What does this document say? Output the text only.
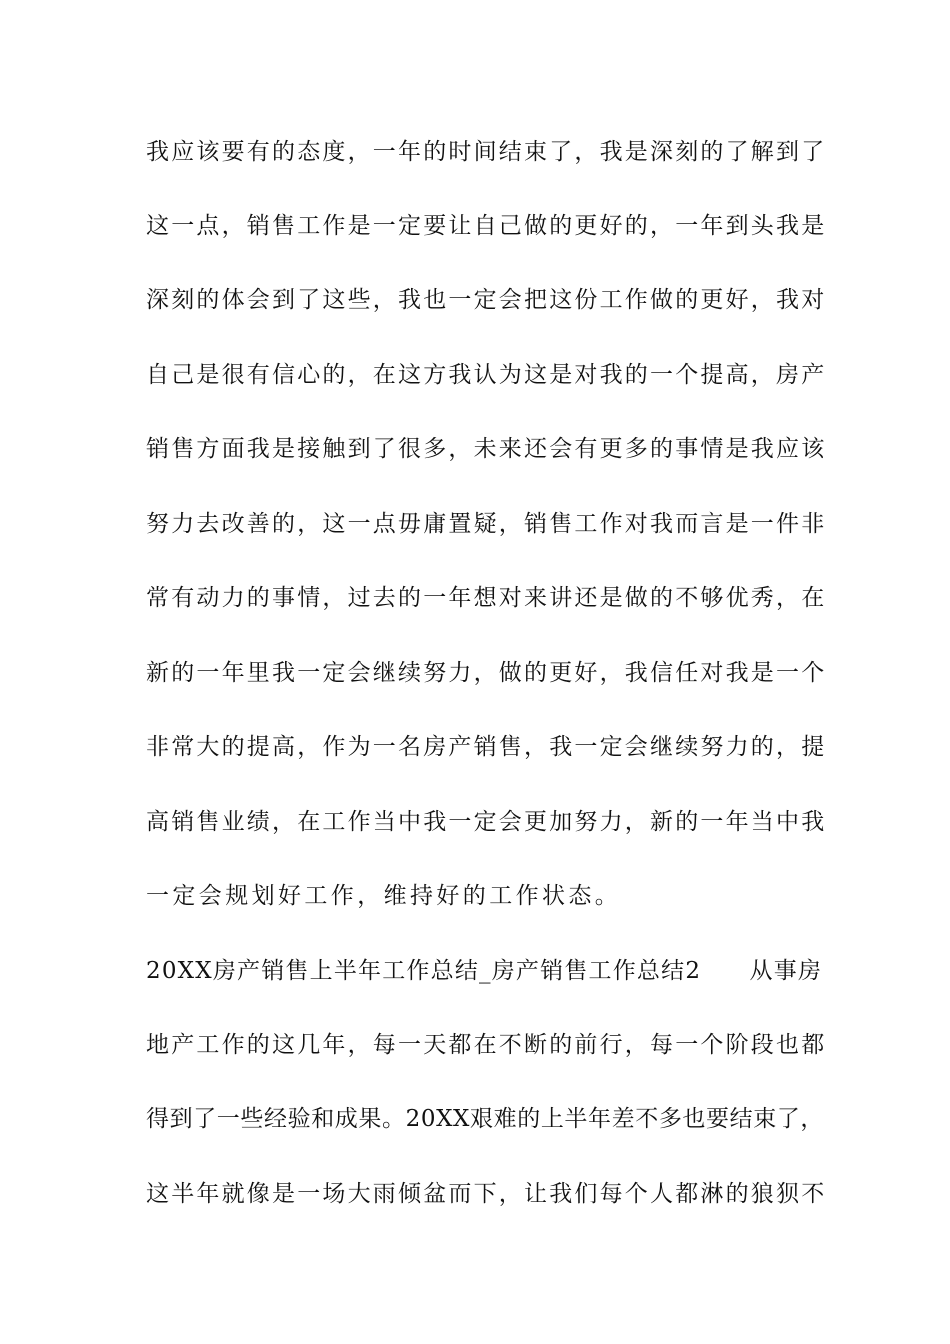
我应该要有的态度，一年的时间结束了，我是深刻的了解到了
这一点，销售工作是一定要让自己做的更好的，一年到头我是
深刻的体会到了这些，我也一定会把这份工作做的更好，我对
自己是很有信心的，在这方我认为这是对我的一个提高，房产
销售方面我是接触到了很多，未来还会有更多的事情是我应该
努力去改善的，这一点毋庸置疑，销售工作对我而言是一件非
常有动力的事情，过去的一年想对来讲还是做的不够优秀，在
新的一年里我一定会继续努力，做的更好，我信任对我是一个
非常大的提高，作为一名房产销售，我一定会继续努力的，提
高销售业绩，在工作当中我一定会更加努力，新的一年当中我
一定会规划好工作，维持好的工作状态。
20XX房产销售上半年工作总结_房产销售工作总结2　　从事房
地产工作的这几年，每一天都在不断的前行，每一个阶段也都
得到了一些经验和成果。20XX艰难的上半年差不多也要结束了，
这半年就像是一场大雨倾盆而下，让我们每个人都淋的狼狈不
